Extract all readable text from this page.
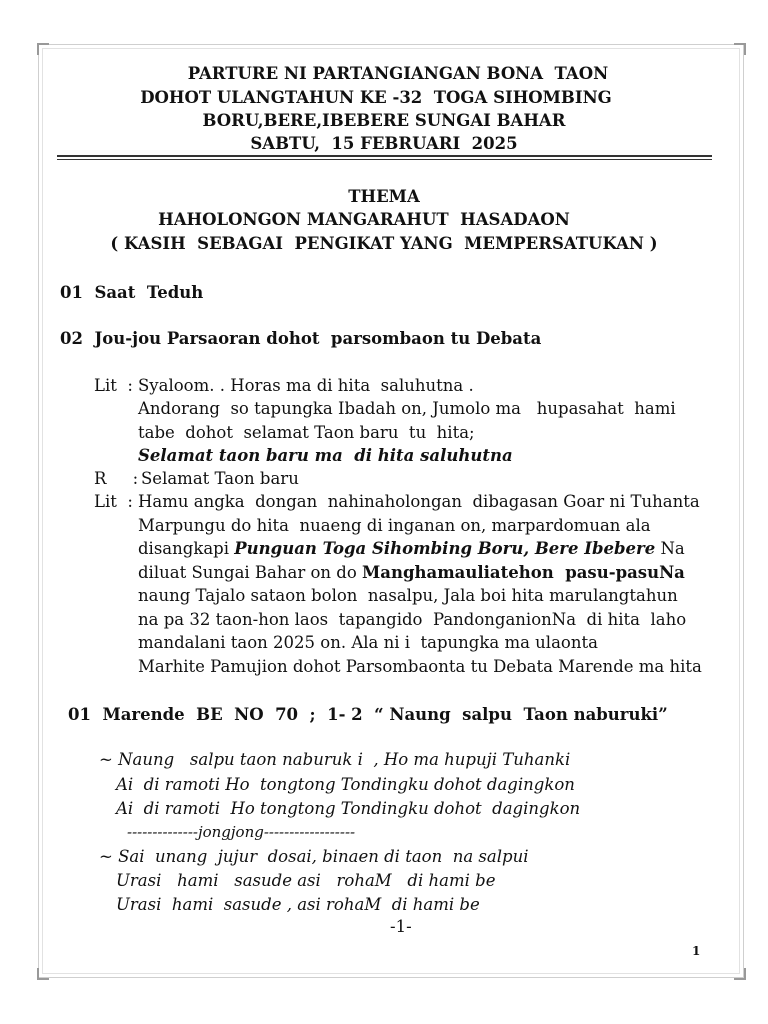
PARTURE NI PARTANGIANGAN BONA  TAON
DOHOT ULANGTAHUN KE -32  TOGA SIHOMBING
BORU,BERE,IBEBERE SUNGAI BAHAR
SABTU,  15 FEBRUARI  2025
THEMA
HAHOLONGON MANGARAHUT  HASADAON
( KASIH  SEBAGAI  PENGIKAT YANG  MEMPERSATUKAN )
01  Saat  Teduh
02  Jou-jou Parsaoran dohot  parsombaon tu Debata
Lit  : Syaloom. . Horas ma di hita  saluhutna .
Andorang  so tapungka Ibadah on, Jumolo ma   hupasahat  hami
tabe  dohot  selamat Taon baru  tu  hita;
Selamat taon baru ma  di hita saluhutna
R     : Selamat Taon baru
Lit  : Hamu angka  dongan  nahinaholongan  dibagasan Goar ni Tuhanta
Marpungu do hita  nuaeng di inganan on, marpardomuan ala
disangkapi Punguan Toga Sihombing Boru, Bere Ibebere Na
diluat Sungai Bahar on do Manghamauliatehon  pasu-pasuNa
naung Tajalo sataon bolon  nasalpu, Jala boi hita marulangtahun
na pa 32 taon-hon laos  tapangido  PandonganionNa  di hita  laho
mandalani taon 2025 on. Ala ni i  tapungka ma ulaonta
Marhite Pamujion dohot Parsombaonta tu Debata Marende ma hita
01  Marende  BE  NO  70  ;  1- 2  “ Naung  salpu  Taon naburuki”
~ Naung   salpu taon naburuk i  , Ho ma hupuji Tuhanki
Ai  di ramoti Ho  tongtong Tondingku dohot dagingkon
Ai  di ramoti  Ho tongtong Tondingku dohot  dagingkon
--------------jongjong------------------
~ Sai  unang  jujur  dosai, binaen di taon  na salpui
Urasi   hami   sasude asi   rohaM   di hami be
Urasi  hami  sasude , asi rohaM  di hami be
-1-
1
